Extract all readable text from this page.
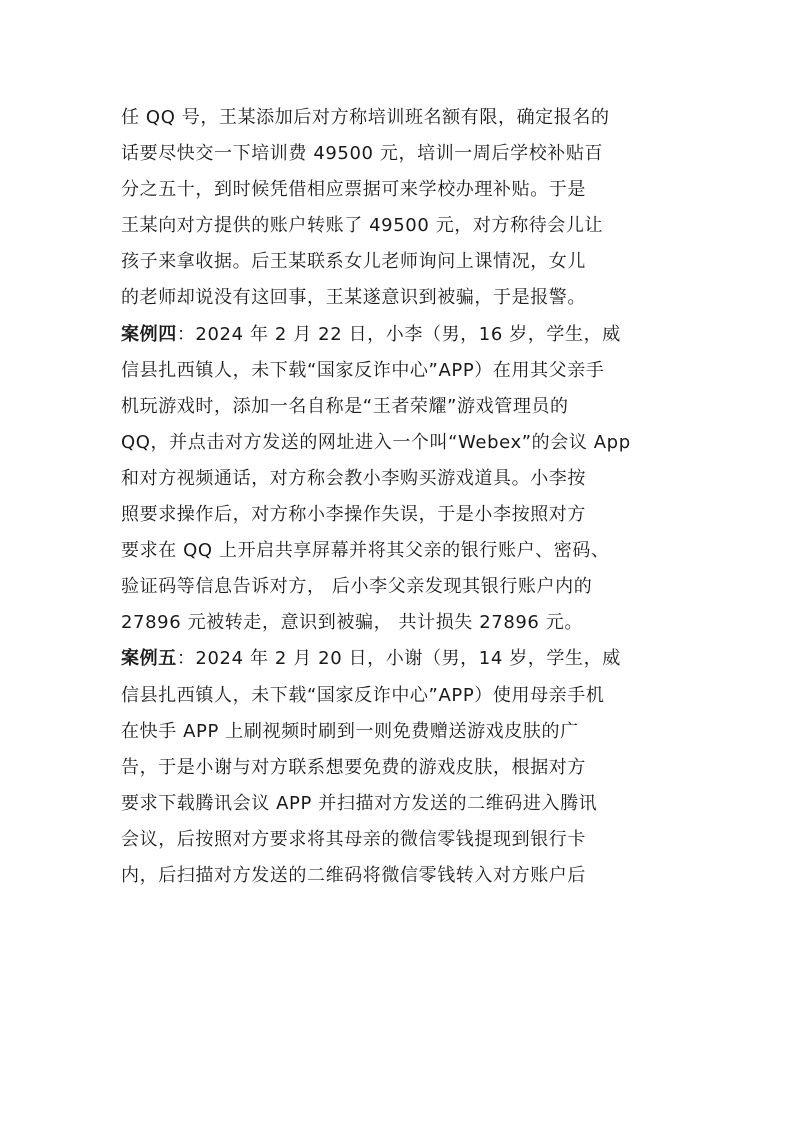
任 QQ 号，王某添加后对方称培训班名额有限，确定报名的
话要尽快交一下培训费 49500 元，培训一周后学校补贴百
分之五十，到时候凭借相应票据可来学校办理补贴。于是
王某向对方提供的账户转账了 49500 元，对方称待会儿让
孩子来拿收据。后王某联系女儿老师询问上课情况，女儿
的老师却说没有这回事，王某遂意识到被骗，于是报警。
案例四：2024 年 2 月 22 日，小李（男，16 岁，学生，威
信县扎西镇人，未下载“国家反诈中心”APP）在用其父亲手
机玩游戏时，添加一名自称是“王者荣耀”游戏管理员的
QQ，并点击对方发送的网址进入一个叫“Webex”的会议 App
和对方视频通话，对方称会教小李购买游戏道具。小李按
照要求操作后，对方称小李操作失误，于是小李按照对方
要求在 QQ 上开启共享屏幕并将其父亲的银行账户、密码、
验证码等信息告诉对方， 后小李父亲发现其银行账户内的
27896 元被转走，意识到被骗， 共计损失 27896 元。
案例五：2024 年 2 月 20 日，小谢（男，14 岁，学生，威
信县扎西镇人，未下载“国家反诈中心”APP）使用母亲手机
在快手 APP 上刷视频时刷到一则免费赠送游戏皮肤的广
告，于是小谢与对方联系想要免费的游戏皮肤，根据对方
要求下载腾讯会议 APP 并扫描对方发送的二维码进入腾讯
会议，后按照对方要求将其母亲的微信零钱提现到银行卡
内，后扫描对方发送的二维码将微信零钱转入对方账户后
